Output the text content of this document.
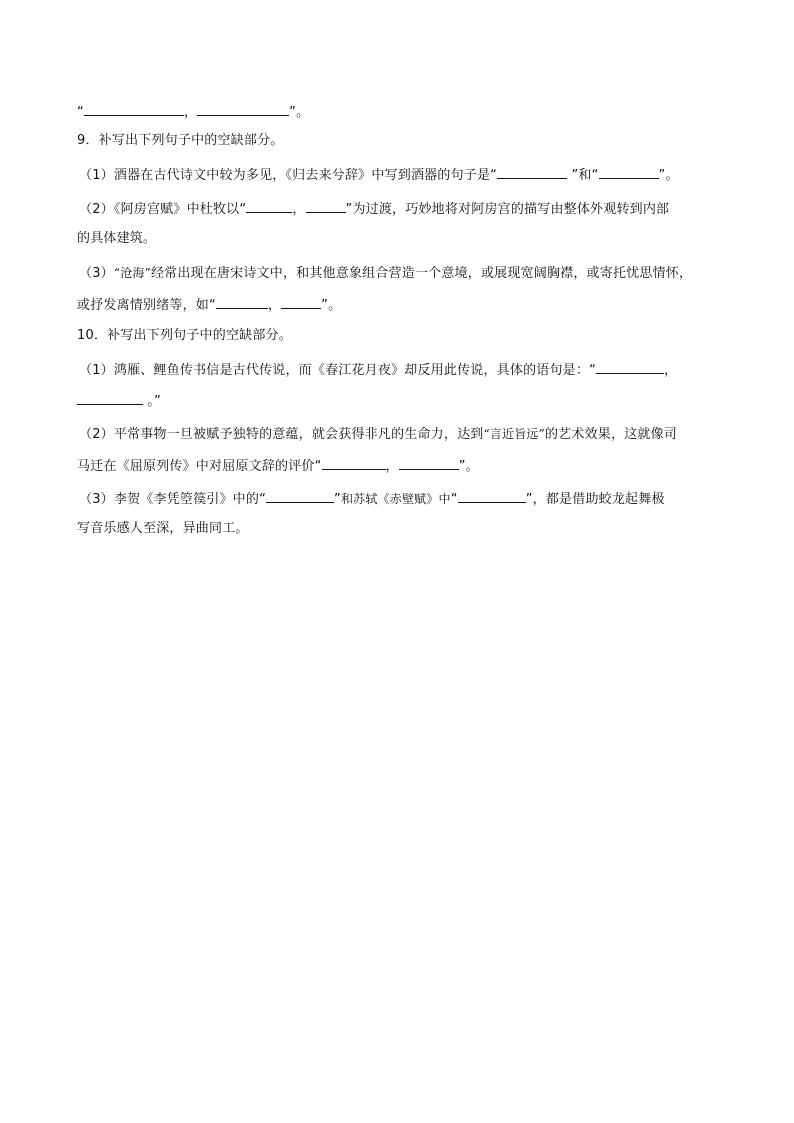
“	，	”。
9．补写出下列句子中的空缺部分。
（1）酒器在古代诗文中较为多见，《归去来兮辞》中写到酒器的句子是“	”和“	”。
（2）《阿房宫赋》中杜牧以“	，	”为过渡，巧妙地将对阿房宫的描写由整体外观转到内部
的具体建筑。
（3）“沧海”经常出现在唐宋诗文中，和其他意象组合营造一个意境，或展现宽阔胸襟，或寄托忧思情怀，
或抒发离情别绪等，如“	，	”。
10．补写出下列句子中的空缺部分。
（1）鸿雁、鲤鱼传书信是古代传说，而《春江花月夜》却反用此传说，具体的语句是：“	，
。”
（2）平常事物一旦被赋予独特的意蕴，就会获得非凡的生命力，达到“言近旨远”的艺术效果，这就像司
马迁在《屈原列传》中对屈原文辞的评价“	，	”。
（3）李贺《李凭箜篌引》中的“	”和苏轼《赤壁赋》中“	”，都是借助蛟龙起舞极
写音乐感人至深，异曲同工。
